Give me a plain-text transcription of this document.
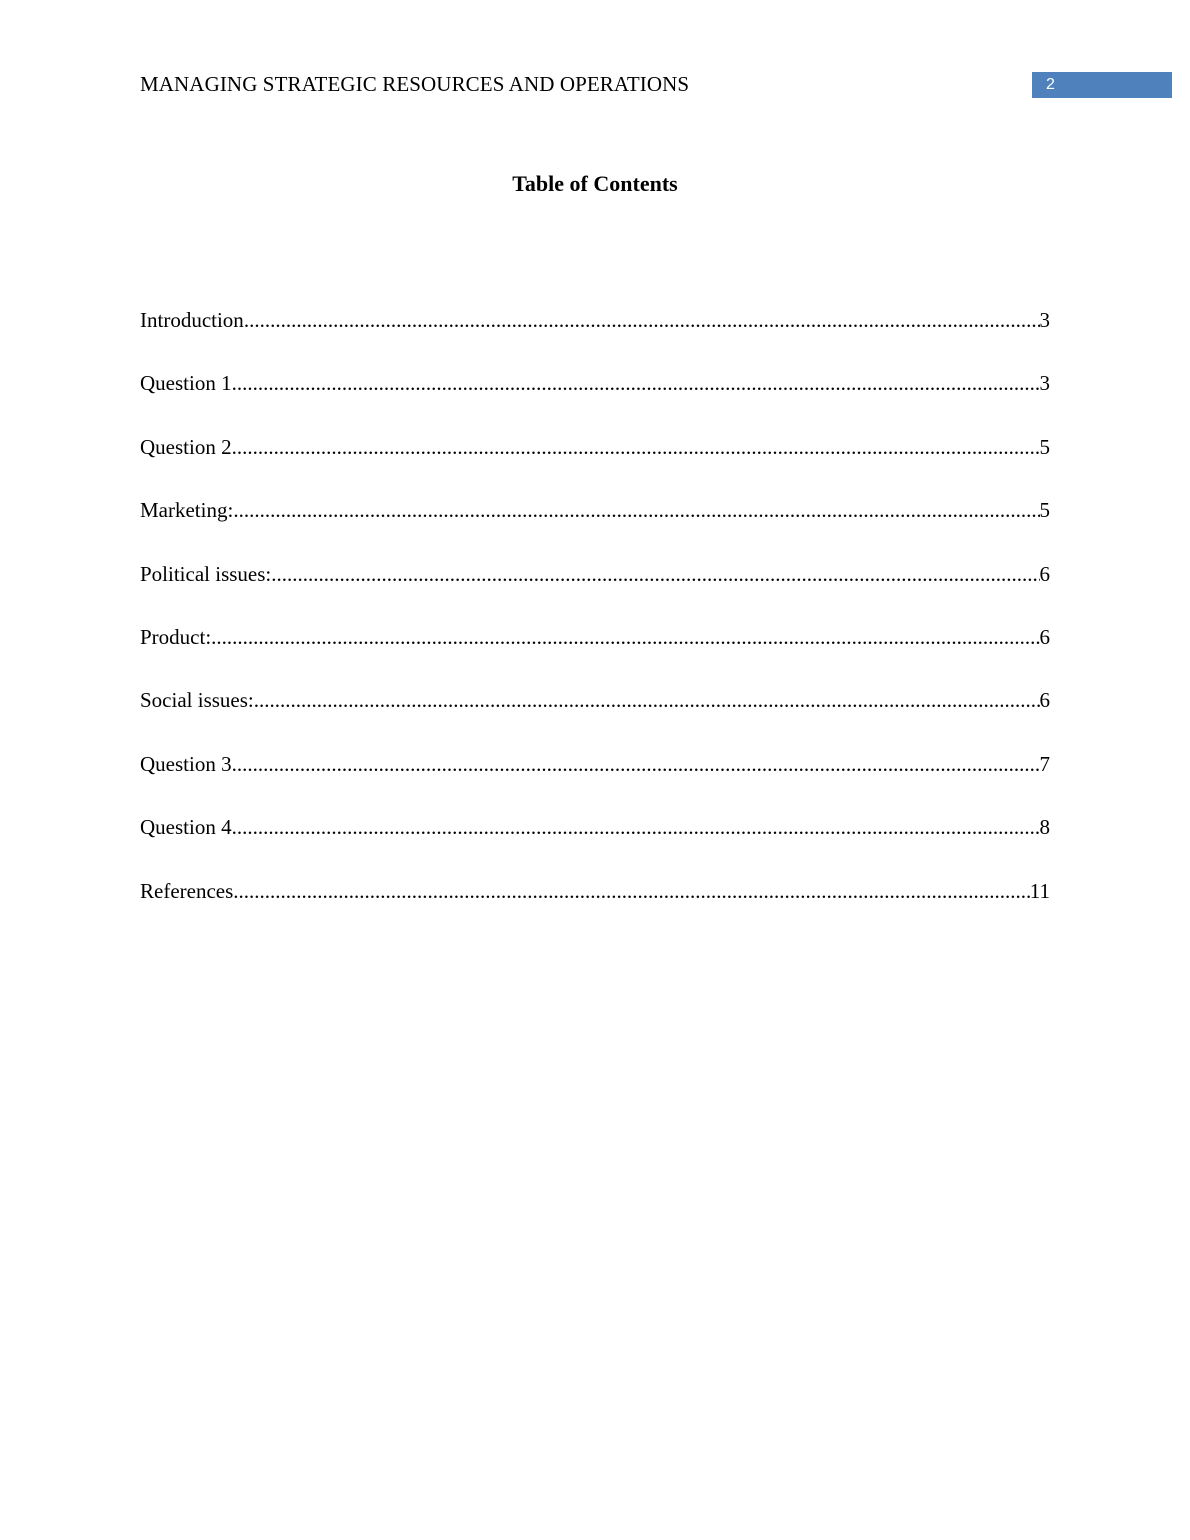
MANAGING STRATEGIC RESOURCES AND OPERATIONS	2
Table of Contents
Introduction .....	3
Question 1 .....	3
Question 2 .....	5
Marketing: .....	5
Political issues: .....	6
Product: .....	6
Social issues: .....	6
Question 3 .....	7
Question 4 .....	8
References .....	11
